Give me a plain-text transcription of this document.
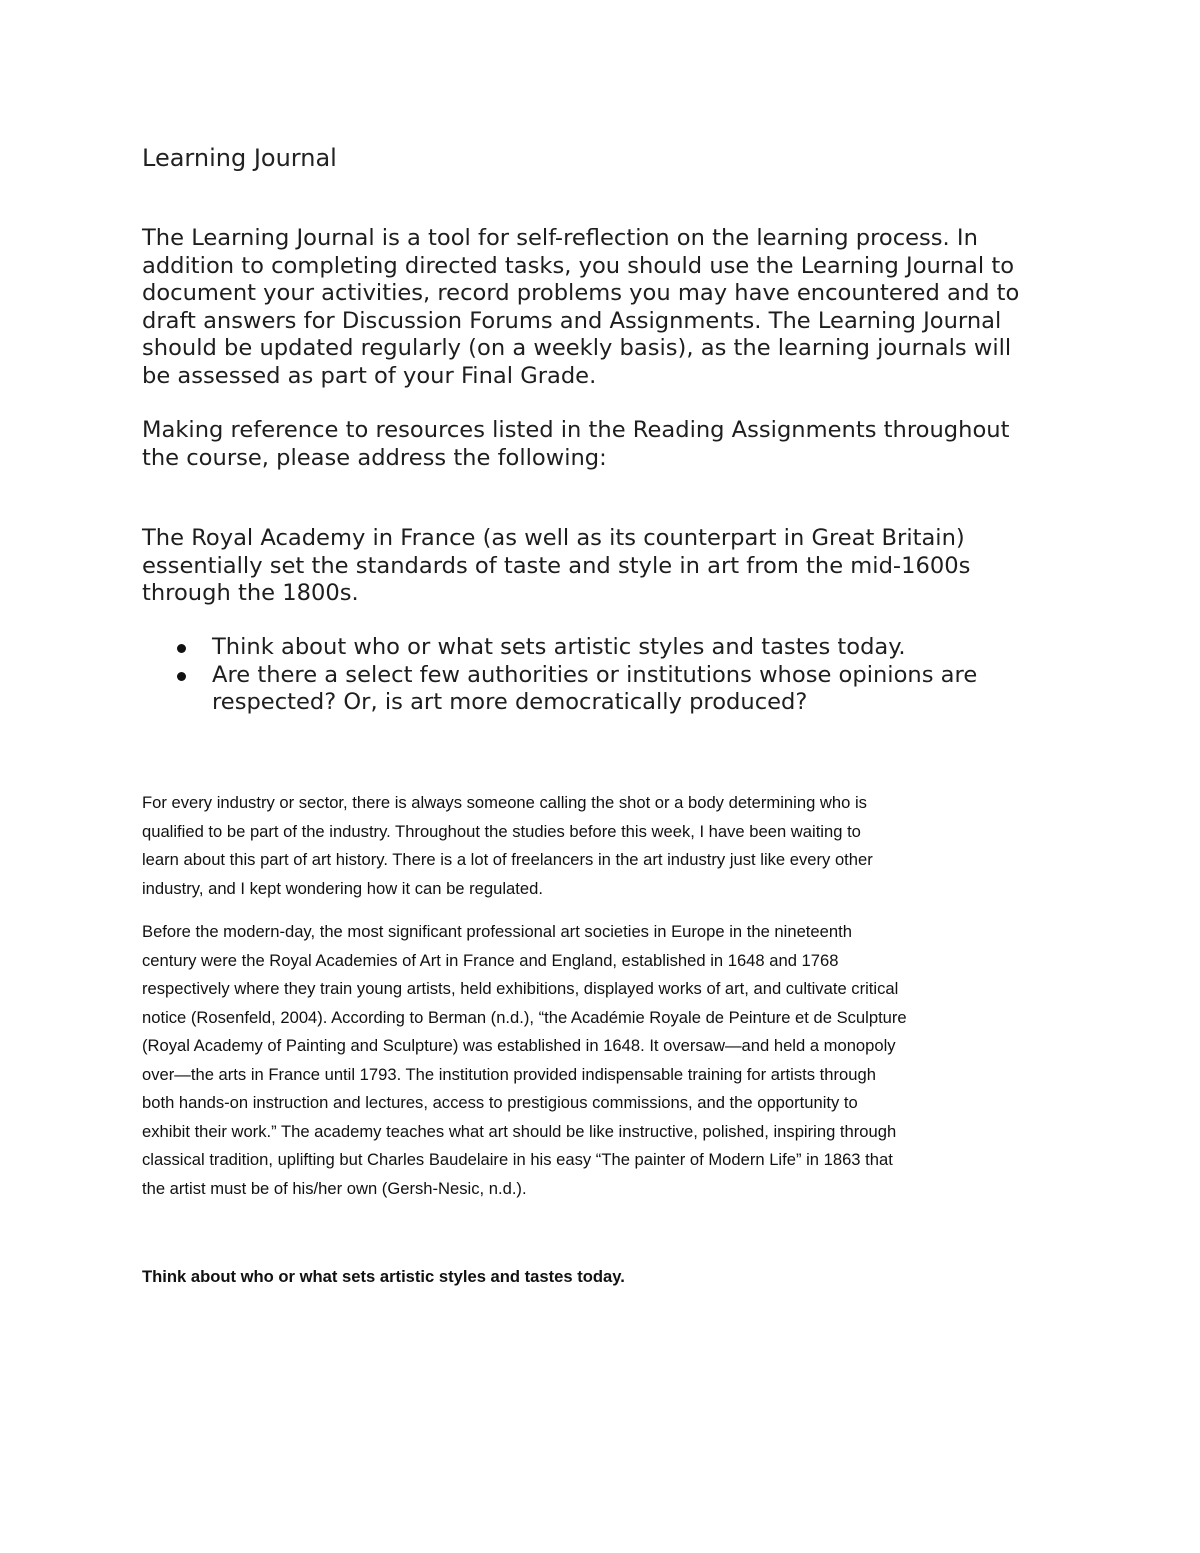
Learning Journal
The Learning Journal is a tool for self-reflection on the learning process. In
addition to completing directed tasks, you should use the Learning Journal to
document your activities, record problems you may have encountered and to
draft answers for Discussion Forums and Assignments. The Learning Journal
should be updated regularly (on a weekly basis), as the learning journals will
be assessed as part of your Final Grade.
Making reference to resources listed in the Reading Assignments throughout
the course, please address the following:
The Royal Academy in France (as well as its counterpart in Great Britain)
essentially set the standards of taste and style in art from the mid-1600s
through the 1800s.
Think about who or what sets artistic styles and tastes today.
Are there a select few authorities or institutions whose opinions are
respected? Or, is art more democratically produced?
For every industry or sector, there is always someone calling the shot or a body determining who is
qualified to be part of the industry. Throughout the studies before this week, I have been waiting to
learn about this part of art history. There is a lot of freelancers in the art industry just like every other
industry, and I kept wondering how it can be regulated.
Before the modern-day, the most significant professional art societies in Europe in the nineteenth
century were the Royal Academies of Art in France and England, established in 1648 and 1768
respectively where they train young artists, held exhibitions, displayed works of art, and cultivate critical
notice (Rosenfeld, 2004). According to Berman (n.d.), “the Académie Royale de Peinture et de Sculpture
(Royal Academy of Painting and Sculpture) was established in 1648. It oversaw—and held a monopoly
over—the arts in France until 1793. The institution provided indispensable training for artists through
both hands-on instruction and lectures, access to prestigious commissions, and the opportunity to
exhibit their work.” The academy teaches what art should be like instructive, polished, inspiring through
classical tradition, uplifting but Charles Baudelaire in his easy “The painter of Modern Life” in 1863 that
the artist must be of his/her own (Gersh-Nesic, n.d.).
Think about who or what sets artistic styles and tastes today.
